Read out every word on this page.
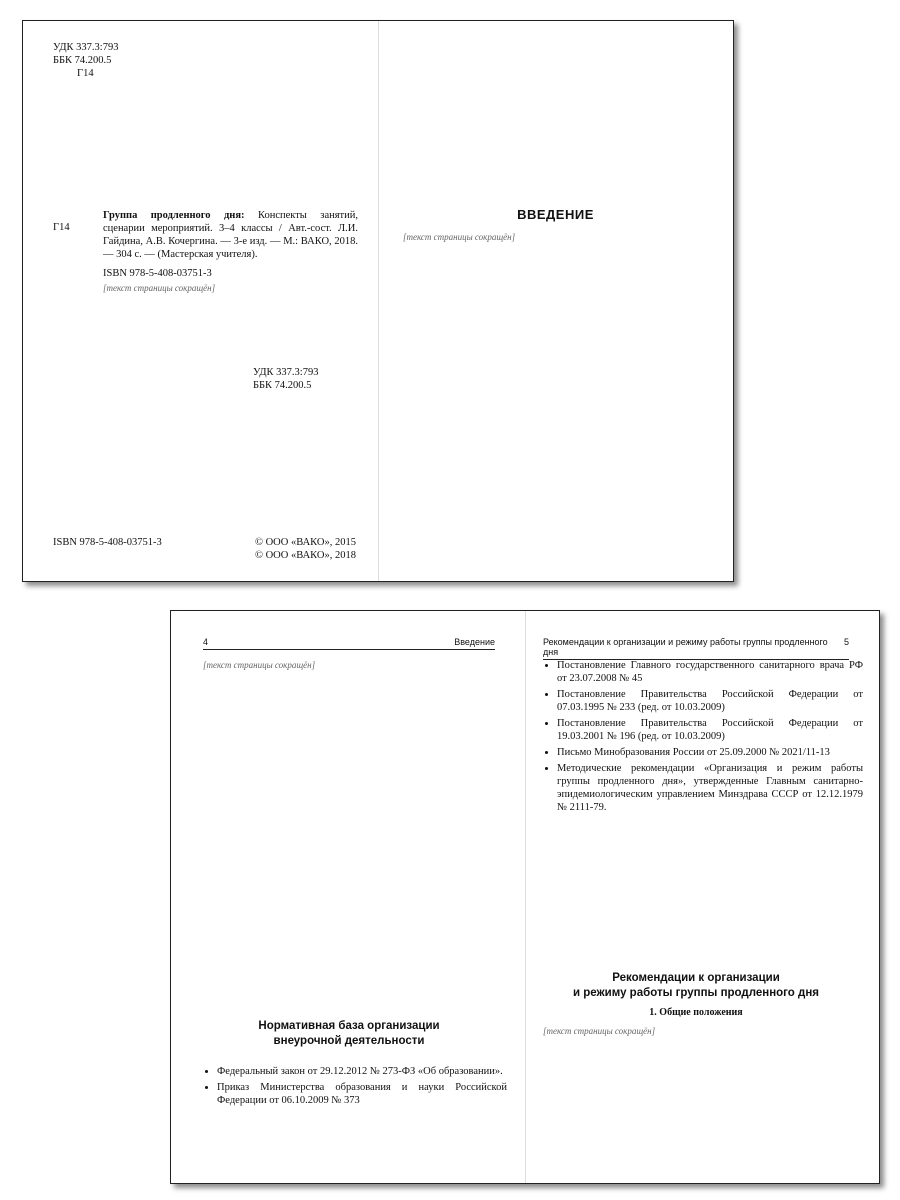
УДК 337.3:793
ББК 74.200.5
Г14
Г14
Группа продленного дня: Конспекты занятий, сценарии мероприятий. 3–4 классы / Авт.-сост. Л.И. Гайдина, А.В. Кочергина. — 3-е изд. — М.: ВАКО, 2018. — 304 с. — (Мастерская учителя).
ISBN 978-5-408-03751-3
[текст страницы сокращён]
УДК 337.3:793
ББК 74.200.5
ISBN 978-5-408-03751-3	© ООО «ВАКО», 2015
© ООО «ВАКО», 2018
ВВЕДЕНИЕ

[текст страницы сокращён]

4	Введение

[текст страницы сокращён]

Нормативная база организации
внеурочной деятельности
• Федеральный закон от 29.12.2012 № 273-ФЗ «Об образовании».
• Приказ Министерства образования и науки Российской Федерации от 06.10.2009 № 373
Рекомендации к организации и режиму работы группы продленного дня
5
• Постановление Главного государственного санитарного врача РФ от 23.07.2008 № 45
• Постановление Правительства Российской Федерации от 07.03.1995 № 233 (ред. от 10.03.2009)
• Постановление Правительства Российской Федерации от 19.03.2001 № 196 (ред. от 10.03.2009)
• Письмо Минобразования России от 25.09.2000 № 2021/11-13
• Методические рекомендации «Организация и режим работы группы продленного дня», утвержденные Главным санитарно-эпидемиологическим управлением Минздрава СССР от 12.12.1979 № 2111-79.
Рекомендации к организации
и режиму работы группы продленного дня
1. Общие положения

[текст страницы сокращён]
